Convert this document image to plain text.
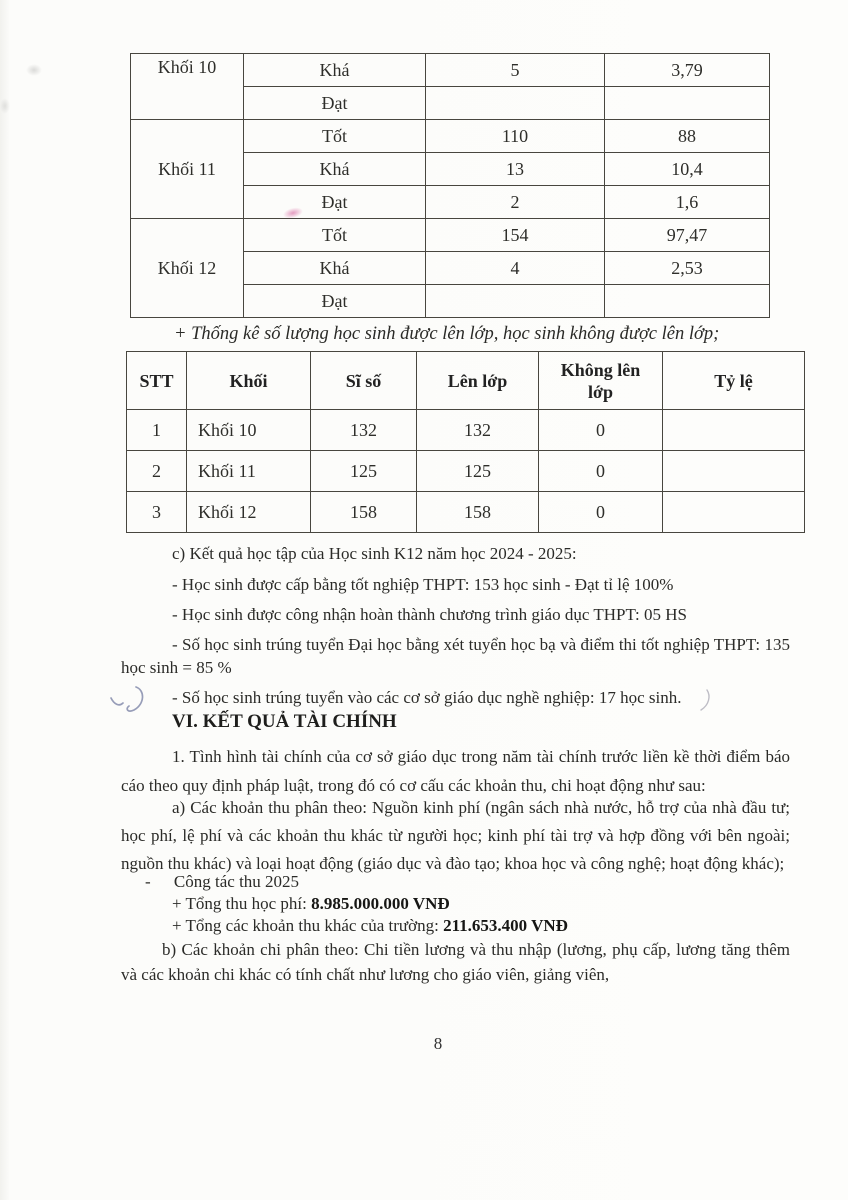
Khối 10	Khá	5	3,79
	Đạt		
Khối 11	Tốt	110	88
	Khá	13	10,4
	Đạt	2	1,6
Khối 12	Tốt	154	97,47
	Khá	4	2,53
	Đạt		
+ Thống kê số lượng học sinh được lên lớp, học sinh không được lên lớp;
STT	Khối	Sĩ số	Lên lớp	Không lên lớp	Tỷ lệ
1	Khối 10	132	132	0	
2	Khối 11	125	125	0	
3	Khối 12	158	158	0	

c) Kết quả học tập của Học sinh K12 năm học 2024 - 2025:

- Học sinh được cấp bằng tốt nghiệp THPT: 153 học sinh - Đạt tỉ lệ 100%

- Học sinh được công nhận hoàn thành chương trình giáo dục THPT: 05 HS

- Số học sinh trúng tuyển Đại học bằng xét tuyển học bạ và điểm thi tốt nghiệp THPT: 135 học sinh = 85 %

- Số học sinh trúng tuyển vào các cơ sở giáo dục nghề nghiệp: 17 học sinh.

VI. KẾT QUẢ TÀI CHÍNH

1. Tình hình tài chính của cơ sở giáo dục trong năm tài chính trước liền kề thời điểm báo cáo theo quy định pháp luật, trong đó có cơ cấu các khoản thu, chi hoạt động như sau:

a) Các khoản thu phân theo: Nguồn kinh phí (ngân sách nhà nước, hỗ trợ của nhà đầu tư; học phí, lệ phí và các khoản thu khác từ người học; kinh phí tài trợ và hợp đồng với bên ngoài; nguồn thu khác) và loại hoạt động (giáo dục và đào tạo; khoa học và công nghệ; hoạt động khác);

- Công tác thu 2025
+ Tổng thu học phí: 8.985.000.000 VNĐ
+ Tổng các khoản thu khác của trường: 211.653.400 VNĐ

b) Các khoản chi phân theo: Chi tiền lương và thu nhập (lương, phụ cấp, lương tăng thêm và các khoản chi khác có tính chất như lương cho giáo viên, giảng viên,

8
